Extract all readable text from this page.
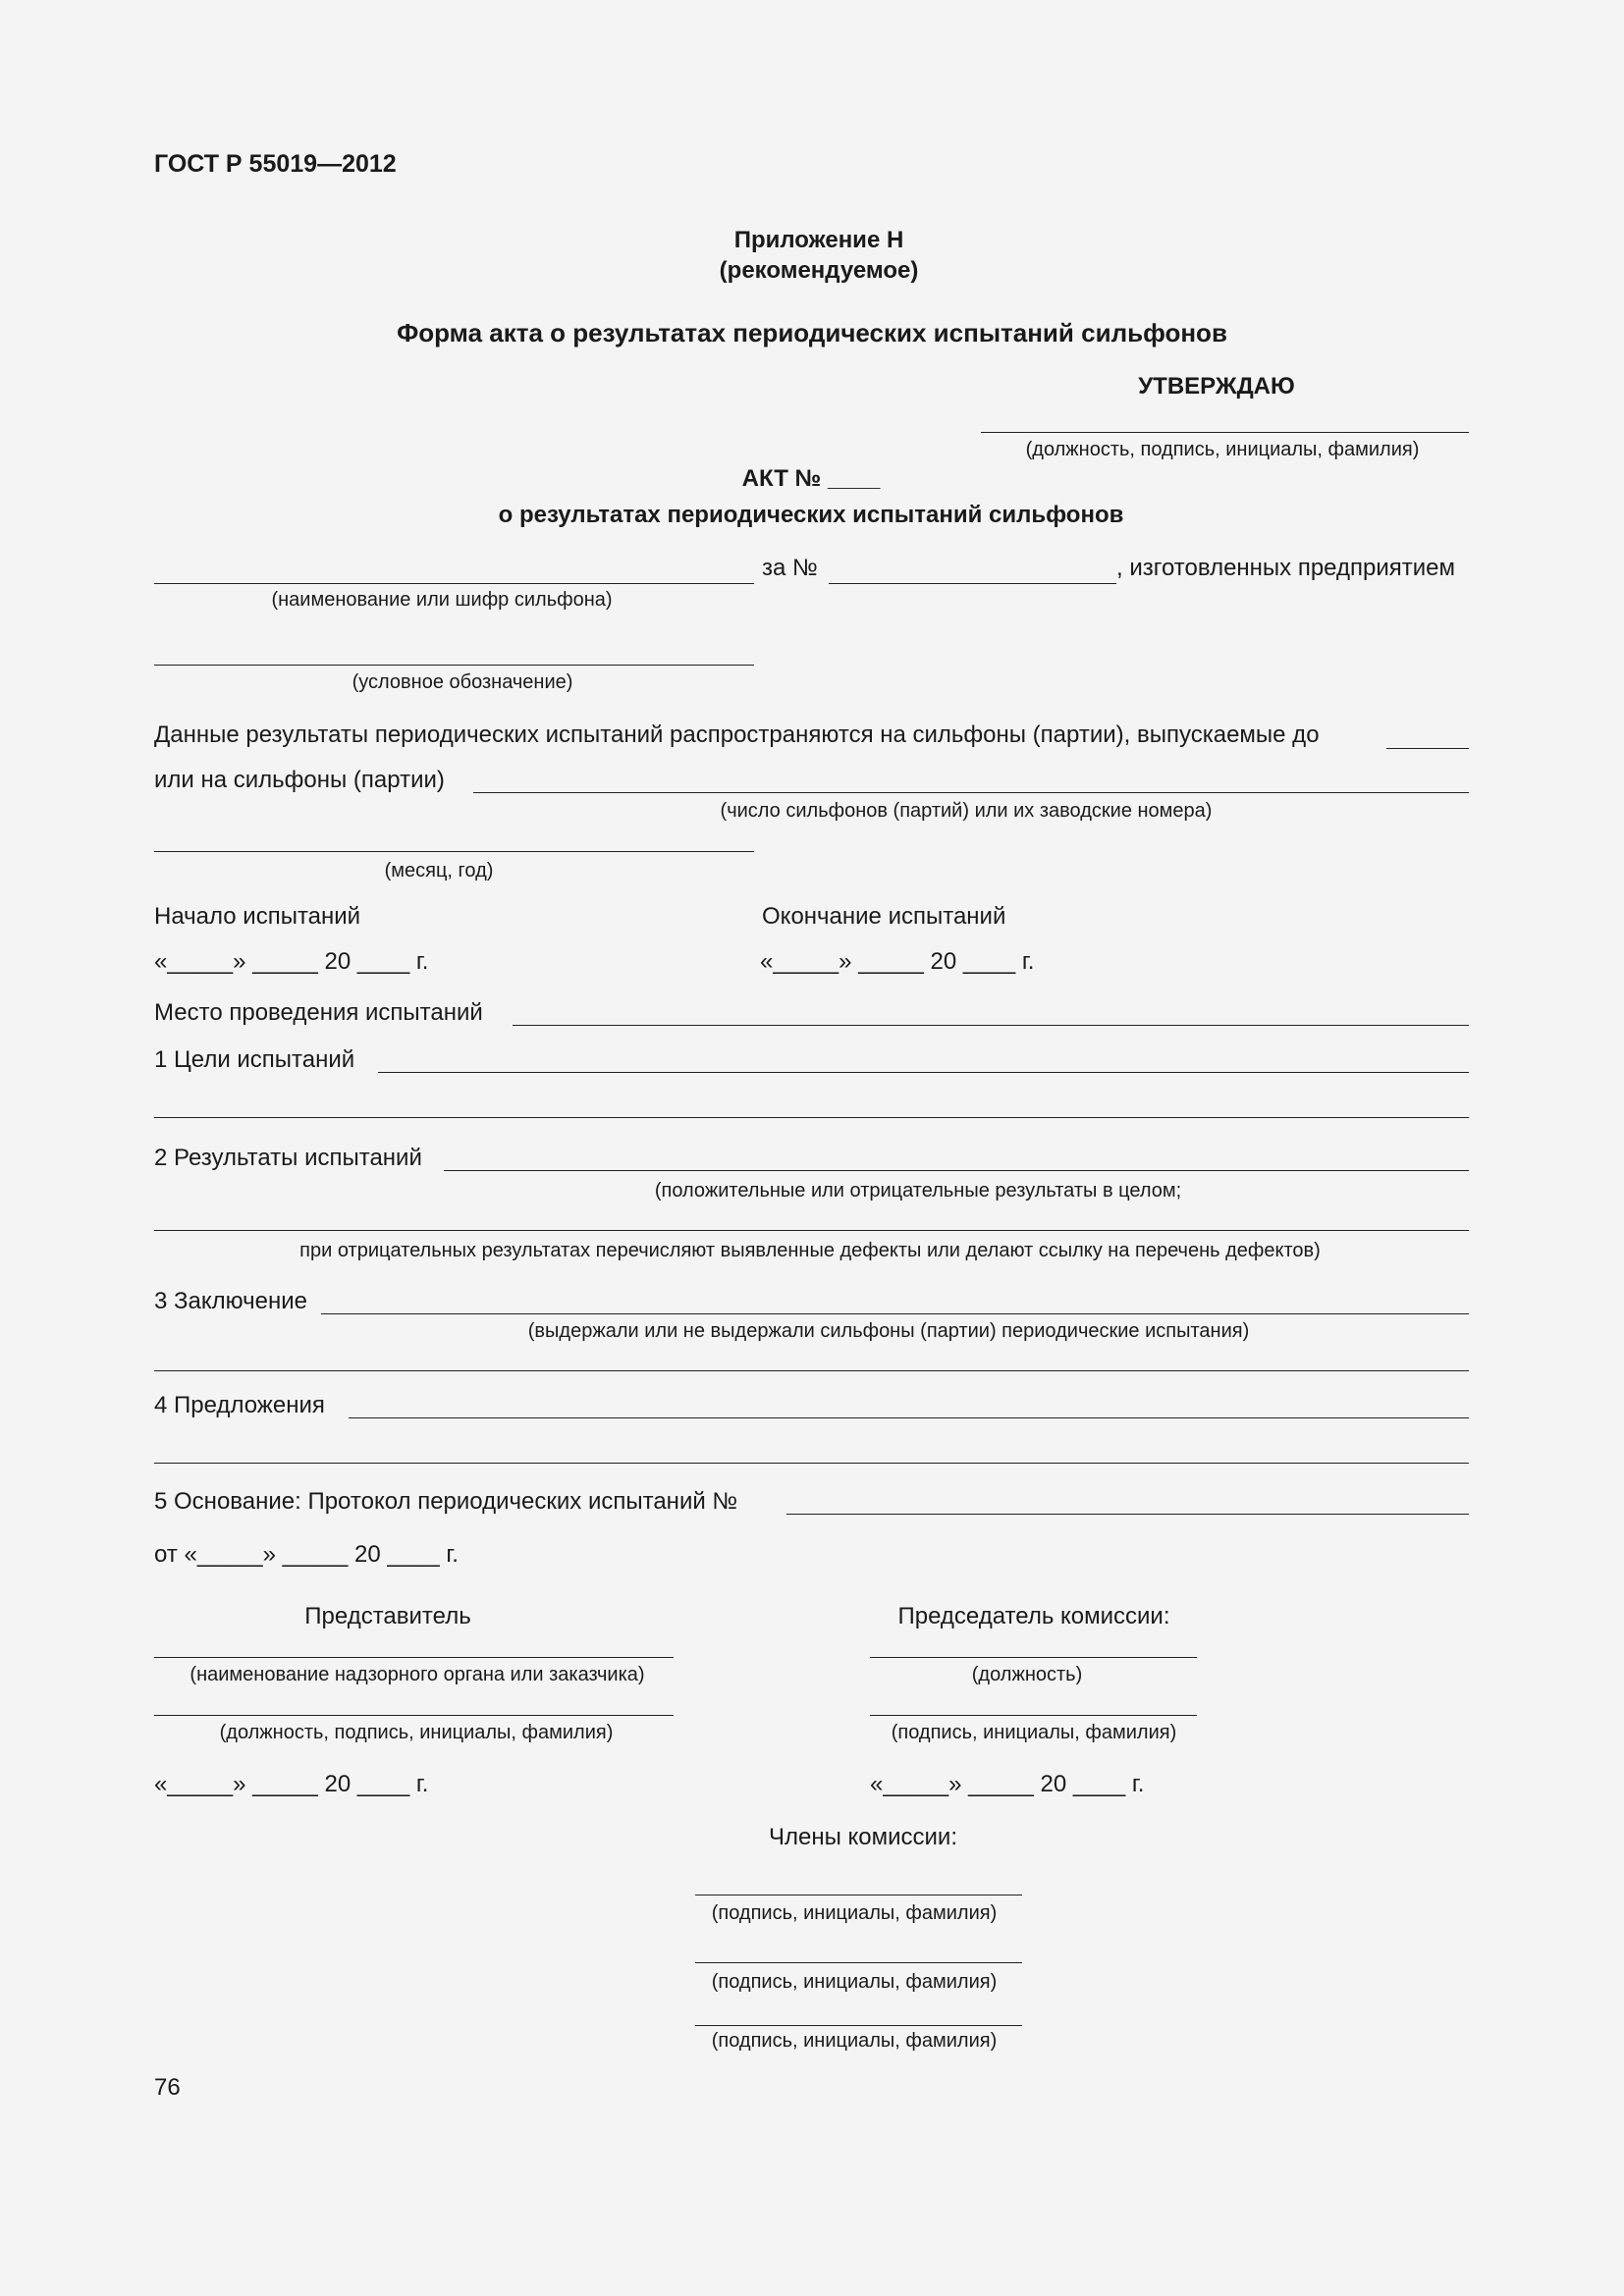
ГОСТ Р 55019—2012
Приложение Н
(рекомендуемое)
Форма акта о результатах периодических испытаний сильфонов
УТВЕРЖДАЮ
(должность, подпись, инициалы, фамилия)
АКТ № ____
о результатах периодических испытаний сильфонов
за №	, изготовленных предприятием
(наименование или шифр сильфона)
(условное обозначение)
Данные результаты периодических испытаний распространяются на сильфоны (партии), выпускаемые до
или на сильфоны (партии)
(число сильфонов (партий) или их заводские номера)
(месяц, год)
Начало испытаний	Окончание испытаний
«_____» _____ 20 ____ г.	«_____» _____ 20 ____ г.
Место проведения испытаний
1 Цели испытаний
2 Результаты испытаний
(положительные или отрицательные результаты в целом;
при отрицательных результатах перечисляют выявленные дефекты или делают ссылку на перечень дефектов)
3 Заключение
(выдержали или не выдержали сильфоны (партии) периодические испытания)
4 Предложения
5 Основание: Протокол периодических испытаний №
от «_____» _____ 20 ____ г.
Представитель	Председатель комиссии:
(наименование надзорного органа или заказчика)	(должность)
(должность, подпись, инициалы, фамилия)	(подпись, инициалы, фамилия)
«_____» _____ 20 ____ г.	«_____» _____ 20 ____ г.
Члены комиссии:
(подпись, инициалы, фамилия)
(подпись, инициалы, фамилия)
(подпись, инициалы, фамилия)
76
